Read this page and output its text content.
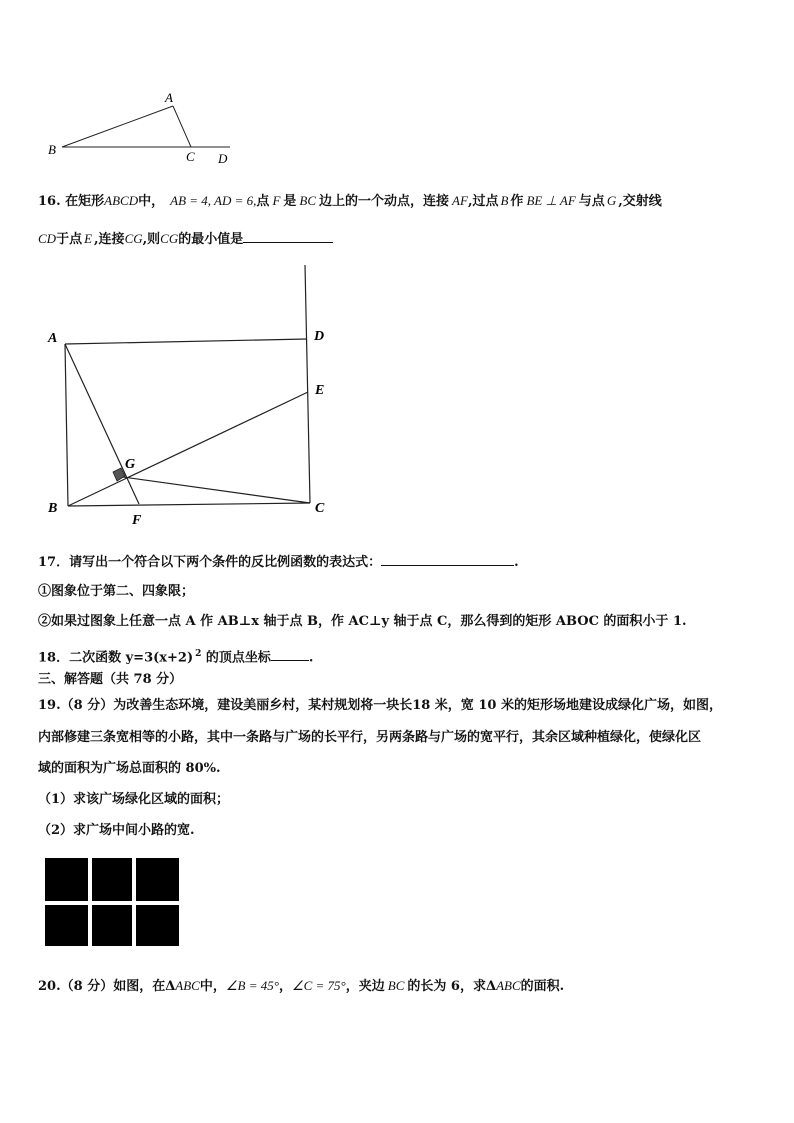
A
B	C D
16. 在矩形ABCD中， AB = 4, AD = 6,点 F 是 BC 边上的一个动点，连接 AF,过点 B 作 BE ⊥ AF 与点 G ,交射线
CD于点 E ,连接CG,则CG的最小值是
A	D
E
G
B
F
C
17．请写出一个符合以下两个条件的反比例函数的表达式：	.
①图象位于第二、四象限；
②如果过图象上任意一点 A 作 AB⊥x 轴于点 B，作 AC⊥y 轴于点 C，那么得到的矩形 ABOC 的面积小于 1.
18．二次函数 y=3(x+2) $^2$ 的顶点坐标	.
三、解答题（共 78 分）
19.（8 分）为改善生态环境，建设美丽乡村，某村规划将一块长18 米，宽 10 米的矩形场地建设成绿化广场，如图，
内部修建三条宽相等的小路，其中一条路与广场的长平行，另两条路与广场的宽平行，其余区域种植绿化，使绿化区
域的面积为广场总面积的 80%.
（1）求该广场绿化区域的面积；
（2）求广场中间小路的宽.
20.（8 分）如图，在ΔABC中，∠B = 45°，∠C = 75°，夹边 BC 的长为 6，求ΔABC的面积.
